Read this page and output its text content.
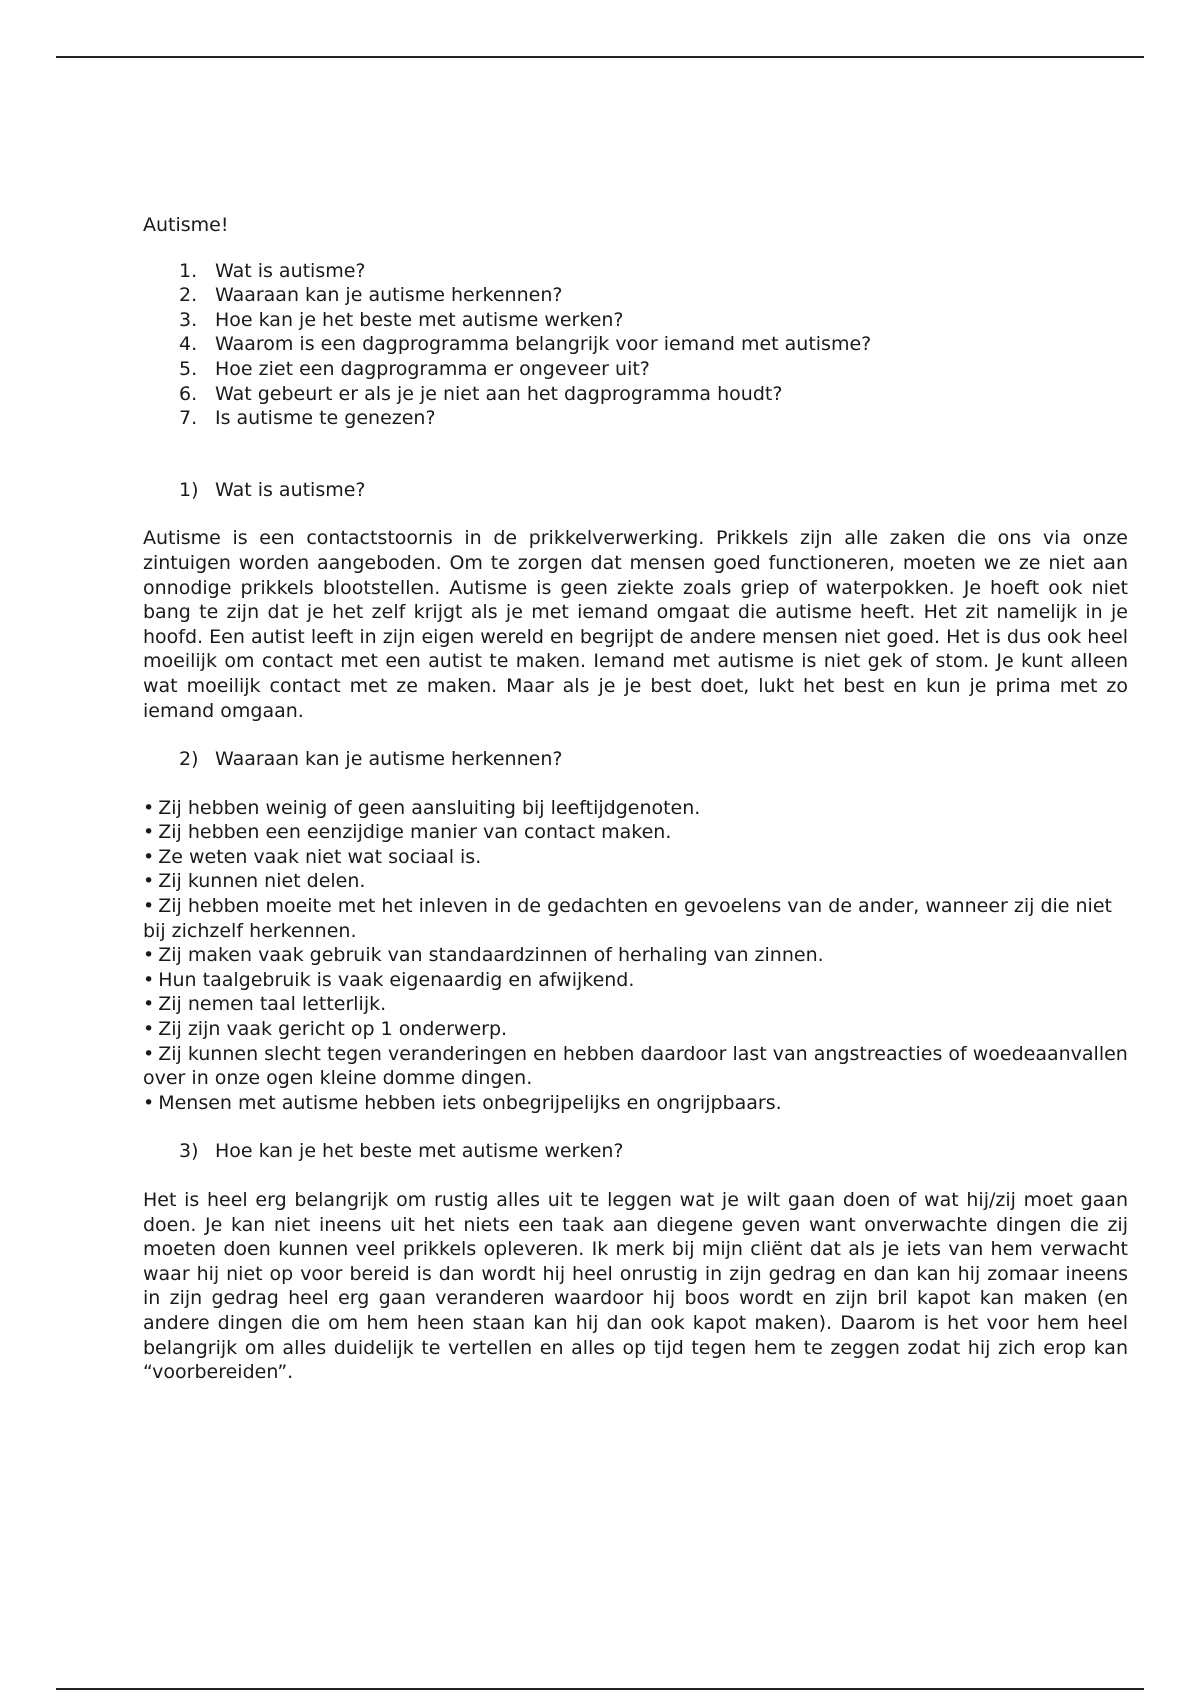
Autisme!

1. Wat is autisme?
2. Waaraan kan je autisme herkennen?
3. Hoe kan je het beste met autisme werken?
4. Waarom is een dagprogramma belangrijk voor iemand met autisme?
5. Hoe ziet een dagprogramma er ongeveer uit?
6. Wat gebeurt er als je je niet aan het dagprogramma houdt?
7. Is autisme te genezen?

1) Wat is autisme?

Autisme is een contactstoornis in de prikkelverwerking. Prikkels zijn alle zaken die ons via onze zintuigen worden aangeboden. Om te zorgen dat mensen goed functioneren, moeten we ze niet aan onnodige prikkels blootstellen. Autisme is geen ziekte zoals griep of waterpokken. Je hoeft ook niet bang te zijn dat je het zelf krijgt als je met iemand omgaat die autisme heeft. Het zit namelijk in je hoofd. Een autist leeft in zijn eigen wereld en begrijpt de andere mensen niet goed. Het is dus ook heel moeilijk om contact met een autist te maken. Iemand met autisme is niet gek of stom. Je kunt alleen wat moeilijk contact met ze maken. Maar als je je best doet, lukt het best en kun je prima met zo iemand omgaan.

2) Waaraan kan je autisme herkennen?

• Zij hebben weinig of geen aansluiting bij leeftijdgenoten.
• Zij hebben een eenzijdige manier van contact maken.
• Ze weten vaak niet wat sociaal is.
• Zij kunnen niet delen.
• Zij hebben moeite met het inleven in de gedachten en gevoelens van de ander, wanneer zij die niet bij zichzelf herkennen.
• Zij maken vaak gebruik van standaardzinnen of herhaling van zinnen.
• Hun taalgebruik is vaak eigenaardig en afwijkend.
• Zij nemen taal letterlijk.
• Zij zijn vaak gericht op 1 onderwerp.
• Zij kunnen slecht tegen veranderingen en hebben daardoor last van angstreacties of woedeaanvallen over in onze ogen kleine domme dingen.
• Mensen met autisme hebben iets onbegrijpelijks en ongrijpbaars.

3) Hoe kan je het beste met autisme werken?

Het is heel erg belangrijk om rustig alles uit te leggen wat je wilt gaan doen of wat hij/zij moet gaan doen. Je kan niet ineens uit het niets een taak aan diegene geven want onverwachte dingen die zij moeten doen kunnen veel prikkels opleveren. Ik merk bij mijn cliënt dat als je iets van hem verwacht waar hij niet op voor bereid is dan wordt hij heel onrustig in zijn gedrag en dan kan hij zomaar ineens in zijn gedrag heel erg gaan veranderen waardoor hij boos wordt en zijn bril kapot kan maken (en andere dingen die om hem heen staan kan hij dan ook kapot maken). Daarom is het voor hem heel belangrijk om alles duidelijk te vertellen en alles op tijd tegen hem te zeggen zodat hij zich erop kan “voorbereiden”.
